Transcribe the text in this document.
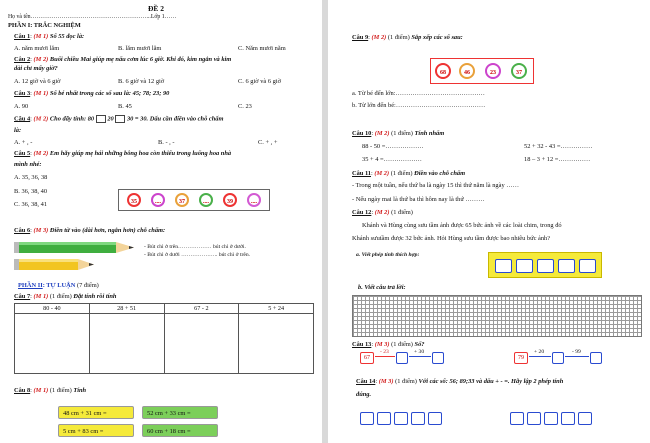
ĐỀ 2
Họ và tên……………………………………………………...Lớp 1……
PHẦN I: TRẮC NGHIỆM
Câu 1: (M 1) Số 55 đọc là:
A. năm mươi lăm	B. lăm mươi lăm	C. Năm mươi năm
Câu 2: (M 2) Buổi chiều Mai giúp mẹ nấu cơm lúc 6 giờ. Khi đó, kim ngắn và kim
dài chỉ mấy giờ?
A. 12 giờ và 6 giờ	B. 6 giờ và 12 giờ	C. 6 giờ và 6 giờ
Câu 3: (M 1) Số bé nhất trong các số sau là: 45; 78; 23; 90
A. 90	B. 45	C. 23
Câu 4: (M 2) Cho dãy tính: 80 20 30 = 30. Dấu cần điền vào chỗ chấm
là:
A. + , -	B. - , -	C. + , +
Câu 5: (M 2) Em hãy giúp mẹ hái những bông hoa còn thiếu trong luống hoa nhà
mình nhé:
A. 35, 36, 38
B. 36, 38, 40
C. 36, 38, 41	35	....	37	....	39	....
Câu 6: (M 3) Điền từ vào (dài hơn, ngắn hơn) chỗ chấm:
- Bút chì ở trên……………… bút chì ở dưới.
- Bút chì ở dưới ……………….. bút chì ở trên.
PHẦN II: TỰ LUẬN (7 điểm)
Câu 7: (M 1) (1 điểm) Đặt tính rồi tính
80 - 40	28 + 51	67 - 2	5 + 24

Câu 8: (M 1) (1 điểm) Tính
48 cm + 31 cm =	52 cm + 33 cm =
5 cm + 83 cm =	60 cm + 18 cm =
Câu 9: (M 2) (1 điểm) Sắp xếp các số sau:
68	46	23	37
a. Từ bé đến lớn:……………………………………
b. Từ lớn đến bé:……………………………………
Câu 10: (M 2) (1 điểm) Tính nhẩm
88 - 50 =………………	52 + 32 - 43 =……………
35 + 4 =………………	18 – 3 + 12 =……………
Câu 11: (M 2) (1 điểm) Điền vào chỗ chấm
- Trong một tuần, nếu thứ ba là ngày 15 thì thứ năm là ngày ……
- Nếu ngày mai là thứ ba thì hôm nay là thứ ………
Câu 12: (M 2) (1 điểm)
Khánh và Hùng cùng sưu tầm ảnh được 65 bức ảnh về các loài chim, trong đó
Khánh sưutầm được 32 bức ảnh. Hỏi Hùng sưu tầm được bao nhiêu bức ảnh?
a. Viết phép tính thích hợp:
b. Viết câu trả lời:
Câu 13: (M 3) (1 điểm) Số?
67
- 23	+ 30
79
+ 20	- 99
Câu 14: (M 3) (1 điểm) Với các số: 56; 89;33 và dấu + - =. Hãy lập 2 phép tính
đúng.
